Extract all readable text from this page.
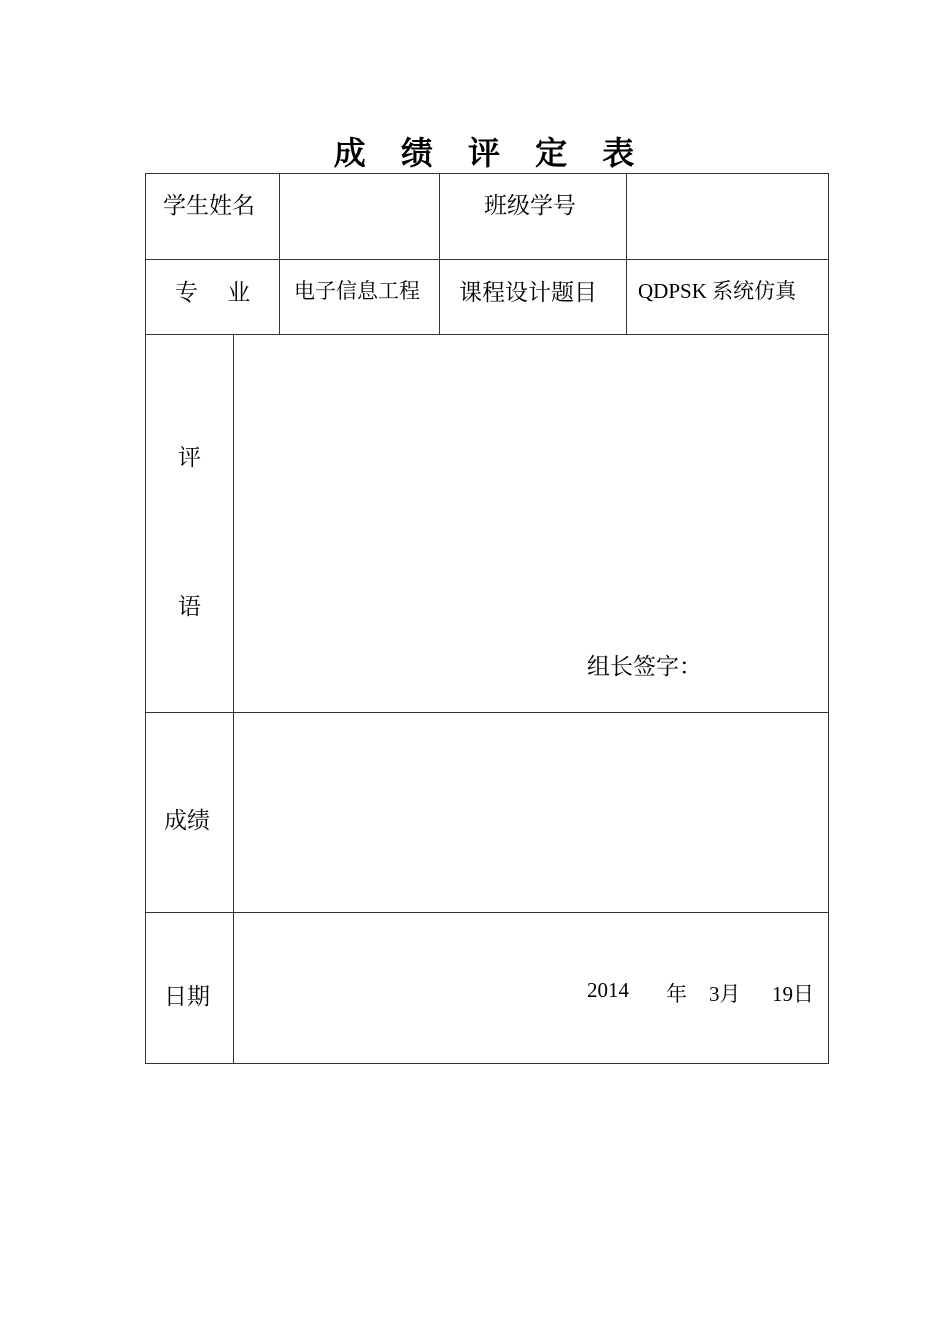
成 绩 评 定 表
学生姓名	班级学号
专    业 电子信息工程 课程设计题目 QDPSK 系统仿真
评
语
组长签字：
成绩
日期	2014 年 3月 19日
